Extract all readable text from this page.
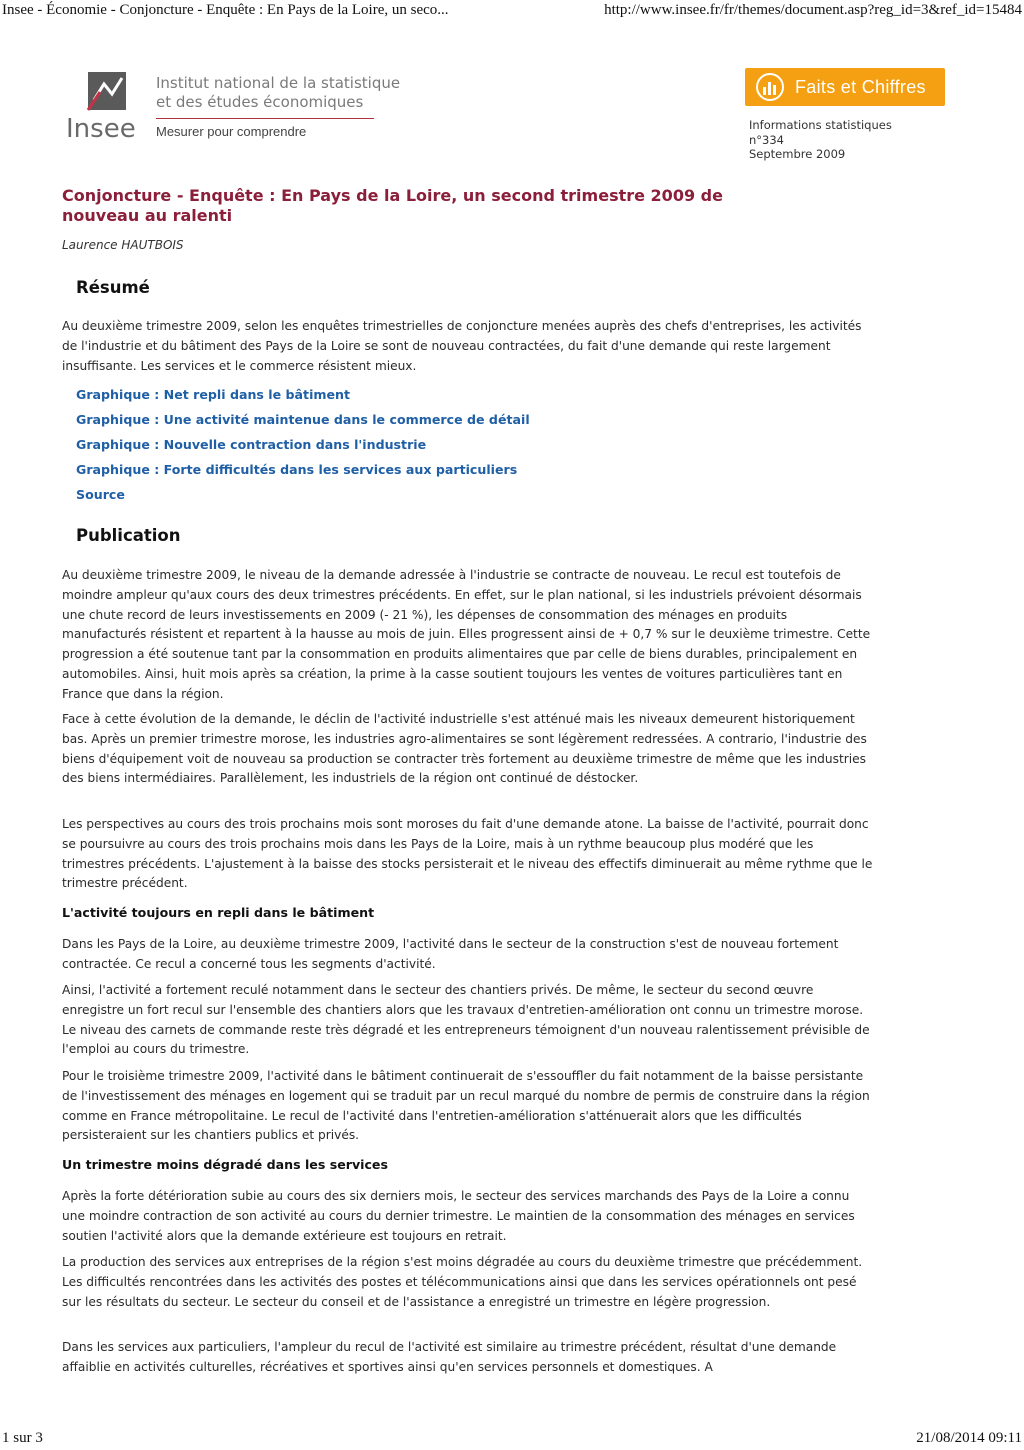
Insee - Économie - Conjoncture - Enquête : En Pays de la Loire, un seco...	http://www.insee.fr/fr/themes/document.asp?reg_id=3&ref_id=15484
Insee
Institut national de la statistique
et des études économiques
Mesurer pour comprendre
Faits et Chiffres
Informations statistiques
n°334
Septembre 2009
Conjoncture - Enquête : En Pays de la Loire, un second trimestre 2009 de nouveau au ralenti
Laurence HAUTBOIS
Résumé

Au deuxième trimestre 2009, selon les enquêtes trimestrielles de conjoncture menées auprès des chefs d'entreprises, les activités de l'industrie et du bâtiment des Pays de la Loire se sont de nouveau contractées, du fait d'une demande qui reste largement insuffisante. Les services et le commerce résistent mieux.

Graphique : Net repli dans le bâtiment
Graphique : Une activité maintenue dans le commerce de détail
Graphique : Nouvelle contraction dans l'industrie
Graphique : Forte difficultés dans les services aux particuliers
Source
Publication

Au deuxième trimestre 2009, le niveau de la demande adressée à l'industrie se contracte de nouveau. Le recul est toutefois de moindre ampleur qu'aux cours des deux trimestres précédents. En effet, sur le plan national, si les industriels prévoient désormais une chute record de leurs investissements en 2009 (- 21 %), les dépenses de consommation des ménages en produits manufacturés résistent et repartent à la hausse au mois de juin. Elles progressent ainsi de + 0,7 % sur le deuxième trimestre. Cette progression a été soutenue tant par la consommation en produits alimentaires que par celle de biens durables, principalement en automobiles. Ainsi, huit mois après sa création, la prime à la casse soutient toujours les ventes de voitures particulières tant en France que dans la région.

Face à cette évolution de la demande, le déclin de l'activité industrielle s'est atténué mais les niveaux demeurent historiquement bas. Après un premier trimestre morose, les industries agro-alimentaires se sont légèrement redressées. A contrario, l'industrie des biens d'équipement voit de nouveau sa production se contracter très fortement au deuxième trimestre de même que les industries des biens intermédiaires. Parallèlement, les industriels de la région ont continué de déstocker.

Les perspectives au cours des trois prochains mois sont moroses du fait d'une demande atone. La baisse de l'activité, pourrait donc se poursuivre au cours des trois prochains mois dans les Pays de la Loire, mais à un rythme beaucoup plus modéré que les trimestres précédents. L'ajustement à la baisse des stocks persisterait et le niveau des effectifs diminuerait au même rythme que le trimestre précédent.

L'activité toujours en repli dans le bâtiment

Dans les Pays de la Loire, au deuxième trimestre 2009, l'activité dans le secteur de la construction s'est de nouveau fortement contractée. Ce recul a concerné tous les segments d'activité.

Ainsi, l'activité a fortement reculé notamment dans le secteur des chantiers privés. De même, le secteur du second œuvre enregistre un fort recul sur l'ensemble des chantiers alors que les travaux d'entretien-amélioration ont connu un trimestre morose. Le niveau des carnets de commande reste très dégradé et les entrepreneurs témoignent d'un nouveau ralentissement prévisible de l'emploi au cours du trimestre.

Pour le troisième trimestre 2009, l'activité dans le bâtiment continuerait de s'essouffler du fait notamment de la baisse persistante de l'investissement des ménages en logement qui se traduit par un recul marqué du nombre de permis de construire dans la région comme en France métropolitaine. Le recul de l'activité dans l'entretien-amélioration s'atténuerait alors que les difficultés persisteraient sur les chantiers publics et privés.

Un trimestre moins dégradé dans les services

Après la forte détérioration subie au cours des six derniers mois, le secteur des services marchands des Pays de la Loire a connu une moindre contraction de son activité au cours du dernier trimestre. Le maintien de la consommation des ménages en services soutien l'activité alors que la demande extérieure est toujours en retrait.

La production des services aux entreprises de la région s'est moins dégradée au cours du deuxième trimestre que précédemment. Les difficultés rencontrées dans les activités des postes et télécommunications ainsi que dans les services opérationnels ont pesé sur les résultats du secteur. Le secteur du conseil et de l'assistance a enregistré un trimestre en légère progression.

Dans les services aux particuliers, l'ampleur du recul de l'activité est similaire au trimestre précédent, résultat d'une demande affaiblie en activités culturelles, récréatives et sportives ainsi qu'en services personnels et domestiques. A

1 sur 3	21/08/2014 09:11
